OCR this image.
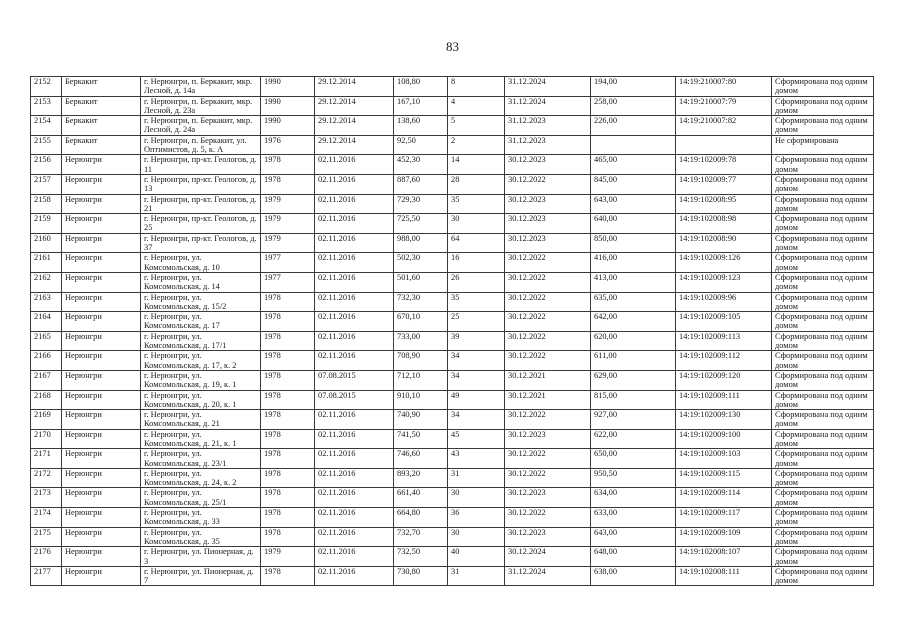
83
2152	Беркакит	г. Нерюнгри, п. Беркакит, мкр. Лесной, д. 14а	1990	29.12.2014	108,80	8	31.12.2024	194,00	14:19:210007:80	Сформирована под одним домом
2153	Беркакит	г. Нерюнгри, п. Беркакит, мкр. Лесной, д. 23а	1990	29.12.2014	167,10	4	31.12.2024	258,00	14:19:210007:79	Сформирована под одним домом
2154	Беркакит	г. Нерюнгри, п. Беркакит, мкр. Лесной, д. 24а	1990	29.12.2014	138,60	5	31.12.2023	226,00	14:19:210007:82	Сформирована под одним домом
2155	Беркакит	г. Нерюнгри, п. Беркакит, ул. Оптимистов, д. 5, к. А	1976	29.12.2014	92,50	2	31.12.2023			Не сформирована
2156	Нерюнгри	г. Нерюнгри, пр-кт. Геологов, д. 11	1978	02.11.2016	452,30	14	30.12.2023	465,00	14:19:102009:78	Сформирована под одним домом
2157	Нерюнгри	г. Нерюнгри, пр-кт. Геологов, д. 13	1978	02.11.2016	887,60	28	30.12.2022	845,00	14:19:102009:77	Сформирована под одним домом
2158	Нерюнгри	г. Нерюнгри, пр-кт. Геологов, д. 21	1979	02.11.2016	729,30	35	30.12.2023	643,00	14:19:102008:95	Сформирована под одним домом
2159	Нерюнгри	г. Нерюнгри, пр-кт. Геологов, д. 25	1979	02.11.2016	725,50	30	30.12.2023	640,00	14:19:102008:98	Сформирована под одним домом
2160	Нерюнгри	г. Нерюнгри, пр-кт. Геологов, д. 37	1979	02.11.2016	988,00	64	30.12.2023	850,00	14:19:102008:90	Сформирована под одним домом
2161	Нерюнгри	г. Нерюнгри, ул. Комсомольская, д. 10	1977	02.11.2016	502,30	16	30.12.2022	416,00	14:19:102009:126	Сформирована под одним домом
2162	Нерюнгри	г. Нерюнгри, ул. Комсомольская, д. 14	1977	02.11.2016	501,60	26	30.12.2022	413,00	14:19:102009:123	Сформирована под одним домом
2163	Нерюнгри	г. Нерюнгри, ул. Комсомольская, д. 15/2	1978	02.11.2016	732,30	35	30.12.2022	635,00	14:19:102009:96	Сформирована под одним домом
2164	Нерюнгри	г. Нерюнгри, ул. Комсомольская, д. 17	1978	02.11.2016	670,10	25	30.12.2022	642,00	14:19:102009:105	Сформирована под одним домом
2165	Нерюнгри	г. Нерюнгри, ул. Комсомольская, д. 17/1	1978	02.11.2016	733,00	39	30.12.2022	620,00	14:19:102009:113	Сформирована под одним домом
2166	Нерюнгри	г. Нерюнгри, ул. Комсомольская, д. 17, к. 2	1978	02.11.2016	708,90	34	30.12.2022	611,00	14:19:102009:112	Сформирована под одним домом
2167	Нерюнгри	г. Нерюнгри, ул. Комсомольская, д. 19, к. 1	1978	07.08.2015	712,10	34	30.12.2021	629,00	14:19:102009:120	Сформирована под одним домом
2168	Нерюнгри	г. Нерюнгри, ул. Комсомольская, д. 20, к. 1	1978	07.08.2015	910,10	49	30.12.2021	815,00	14:19:102009:111	Сформирована под одним домом
2169	Нерюнгри	г. Нерюнгри, ул. Комсомольская, д. 21	1978	02.11.2016	740,90	34	30.12.2022	927,00	14:19:102009:130	Сформирована под одним домом
2170	Нерюнгри	г. Нерюнгри, ул. Комсомольская, д. 21, к. 1	1978	02.11.2016	741,50	45	30.12.2023	622,00	14:19:102009:100	Сформирована под одним домом
2171	Нерюнгри	г. Нерюнгри, ул. Комсомольская, д. 23/1	1978	02.11.2016	746,60	43	30.12.2022	650,00	14:19:102009:103	Сформирована под одним домом
2172	Нерюнгри	г. Нерюнгри, ул. Комсомольская, д. 24, к. 2	1978	02.11.2016	893,20	31	30.12.2022	950,50	14:19:102009:115	Сформирована под одним домом
2173	Нерюнгри	г. Нерюнгри, ул. Комсомольская, д. 25/1	1978	02.11.2016	661,40	30	30.12.2023	634,00	14:19:102009:114	Сформирована под одним домом
2174	Нерюнгри	г. Нерюнгри, ул. Комсомольская, д. 33	1978	02.11.2016	664,80	36	30.12.2022	633,00	14:19:102009:117	Сформирована под одним домом
2175	Нерюнгри	г. Нерюнгри, ул. Комсомольская, д. 35	1978	02.11.2016	732,70	30	30.12.2023	643,00	14:19:102009:109	Сформирована под одним домом
2176	Нерюнгри	г. Нерюнгри, ул. Пионерная, д. 3	1979	02.11.2016	732,50	40	30.12.2024	648,00	14:19:102008:107	Сформирована под одним домом
2177	Нерюнгри	г. Нерюнгри, ул. Пионерная, д. 7	1978	02.11.2016	730,80	31	31.12.2024	638,00	14:19:102008:111	Сформирована под одним домом
